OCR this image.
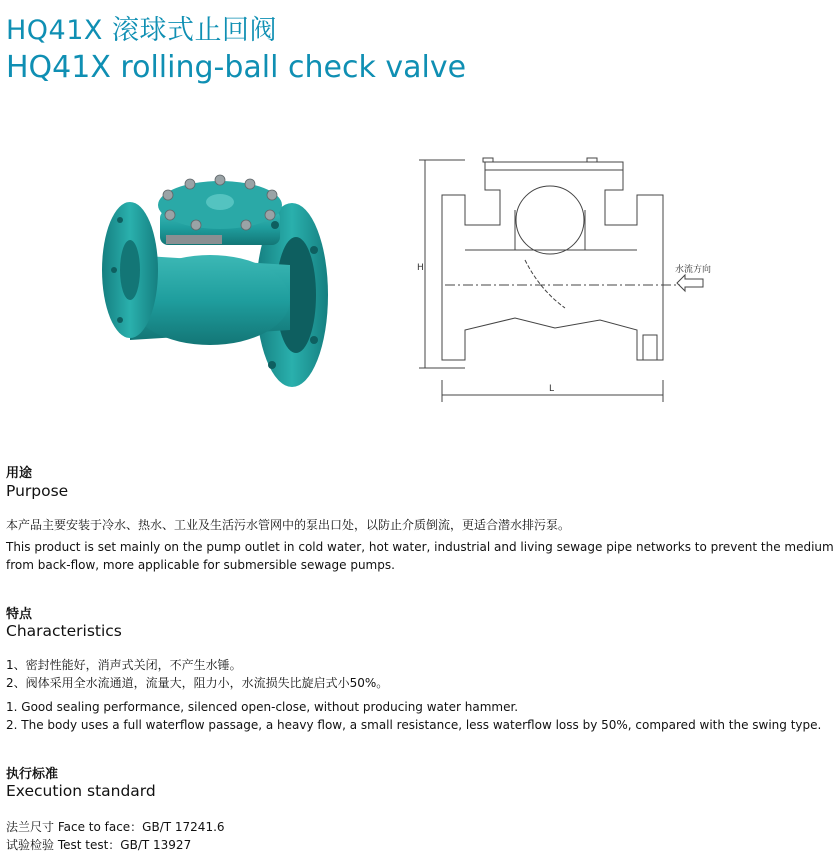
HQ41X 滚球式止回阀
HQ41X rolling-ball check valve
H
L
水流方向
用途
Purpose
本产品主要安装于冷水、热水、工业及生活污水管网中的泵出口处，以防止介质倒流，更适合潜水排污泵。
This product is set mainly on the pump outlet in cold water, hot water, industrial and living sewage pipe networks to prevent the medium
from back-flow, more applicable for submersible sewage pumps.
特点
Characteristics
1、密封性能好，消声式关闭，不产生水锤。
2、阀体采用全水流通道，流量大，阻力小，水流损失比旋启式小50%。
1. Good sealing performance, silenced open-close, without producing water hammer.
2. The body uses a full waterflow passage, a heavy flow, a small resistance, less waterflow loss by 50%, compared with the swing type.
执行标准
Execution standard
法兰尺寸 Face to face：GB/T 17241.6
试验检验 Test test：GB/T 13927
